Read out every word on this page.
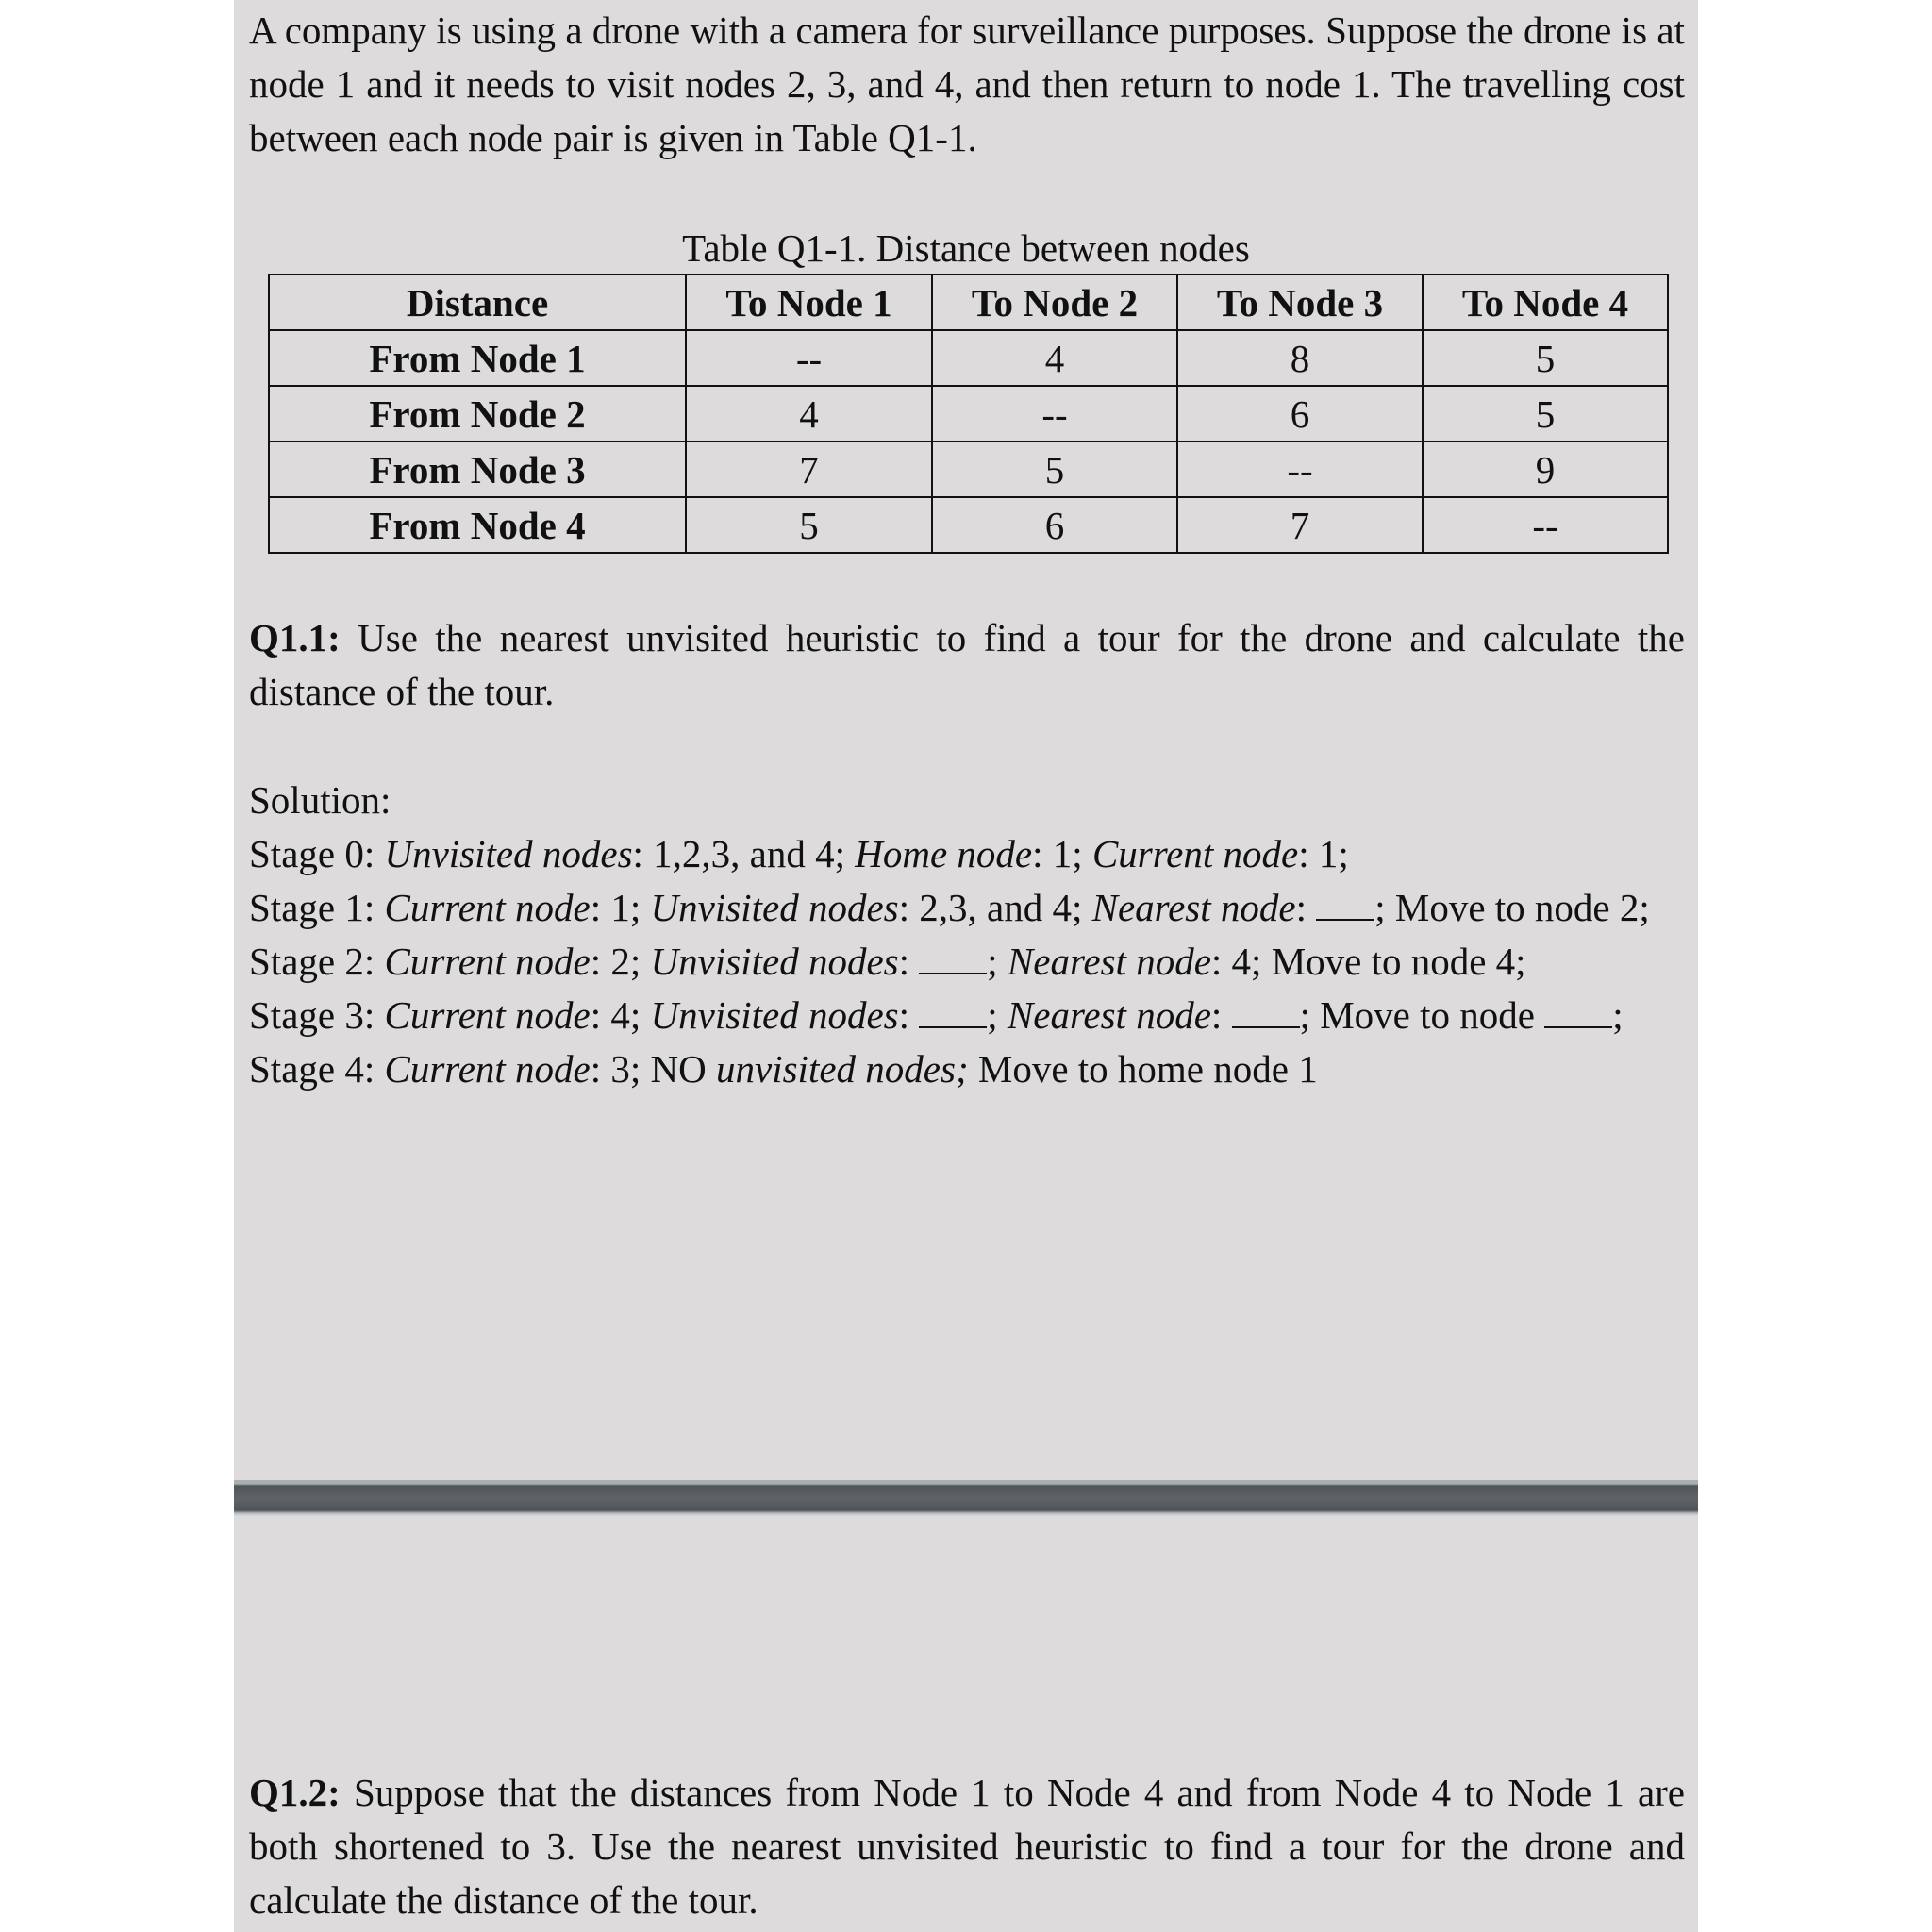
A company is using a drone with a camera for surveillance purposes. Suppose the drone is at node 1 and it needs to visit nodes 2, 3, and 4, and then return to node 1. The travelling cost between each node pair is given in Table Q1-1.

Table Q1-1. Distance between nodes
Distance	To Node 1	To Node 2	To Node 3	To Node 4
From Node 1	--	4	8	5
From Node 2	4	--	6	5
From Node 3	7	5	--	9
From Node 4	5	6	7	--

Q1.1: Use the nearest unvisited heuristic to find a tour for the drone and calculate the distance of the tour.

Solution:

Stage 0: Unvisited nodes: 1,2,3, and 4; Home node: 1; Current node: 1;

Stage 1: Current node: 1; Unvisited nodes: 2,3, and 4; Nearest node: ; Move to node 2;

Stage 2: Current node: 2; Unvisited nodes: ; Nearest node: 4; Move to node 4;

Stage 3: Current node: 4; Unvisited nodes: ; Nearest node: ; Move to node ;

Stage 4: Current node: 3; NO unvisited nodes; Move to home node 1

Q1.2: Suppose that the distances from Node 1 to Node 4 and from Node 4 to Node 1 are both shortened to 3. Use the nearest unvisited heuristic to find a tour for the drone and calculate the distance of the tour.
